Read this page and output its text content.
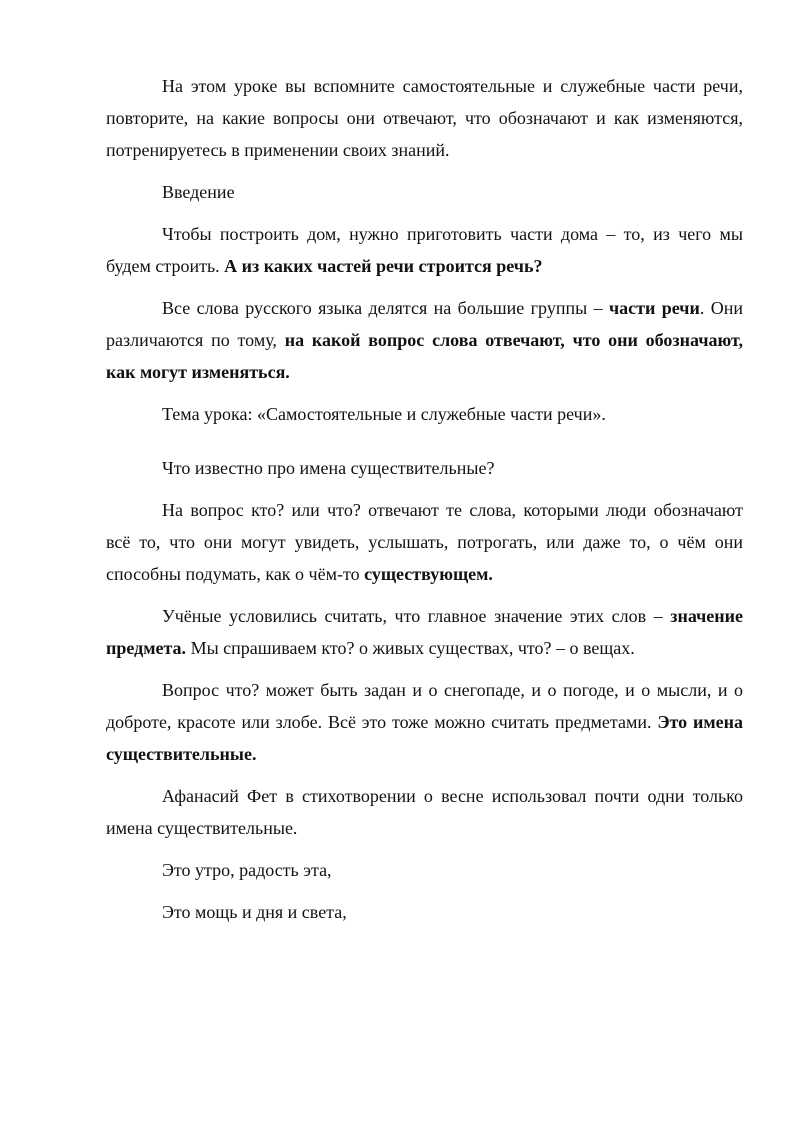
На этом уроке вы вспомните самостоятельные и служебные части речи, повторите, на какие вопросы они отвечают, что обозначают и как изменяются, потренируетесь в применении своих знаний.

Введение

Чтобы построить дом, нужно приготовить части дома – то, из чего мы будем строить. А из каких частей речи строится речь?

Все слова русского языка делятся на большие группы – части речи. Они различаются по тому, на какой вопрос слова отвечают, что они обозначают, как могут изменяться.

Тема урока: «Самостоятельные и служебные части речи».

Что известно про имена существительные?

На вопрос кто? или что? отвечают те слова, которыми люди обозначают всё то, что они могут увидеть, услышать, потрогать, или даже то, о чём они способны подумать, как о чём-то существующем.

Учёные условились считать, что главное значение этих слов – значение предмета. Мы спрашиваем кто? о живых существах, что? – о вещах.

Вопрос что? может быть задан и о снегопаде, и о погоде, и о мысли, и о доброте, красоте или злобе. Всё это тоже можно считать предметами. Это имена существительные.

Афанасий Фет в стихотворении о весне использовал почти одни только имена существительные.

Это утро, радость эта,

Это мощь и дня и света,
